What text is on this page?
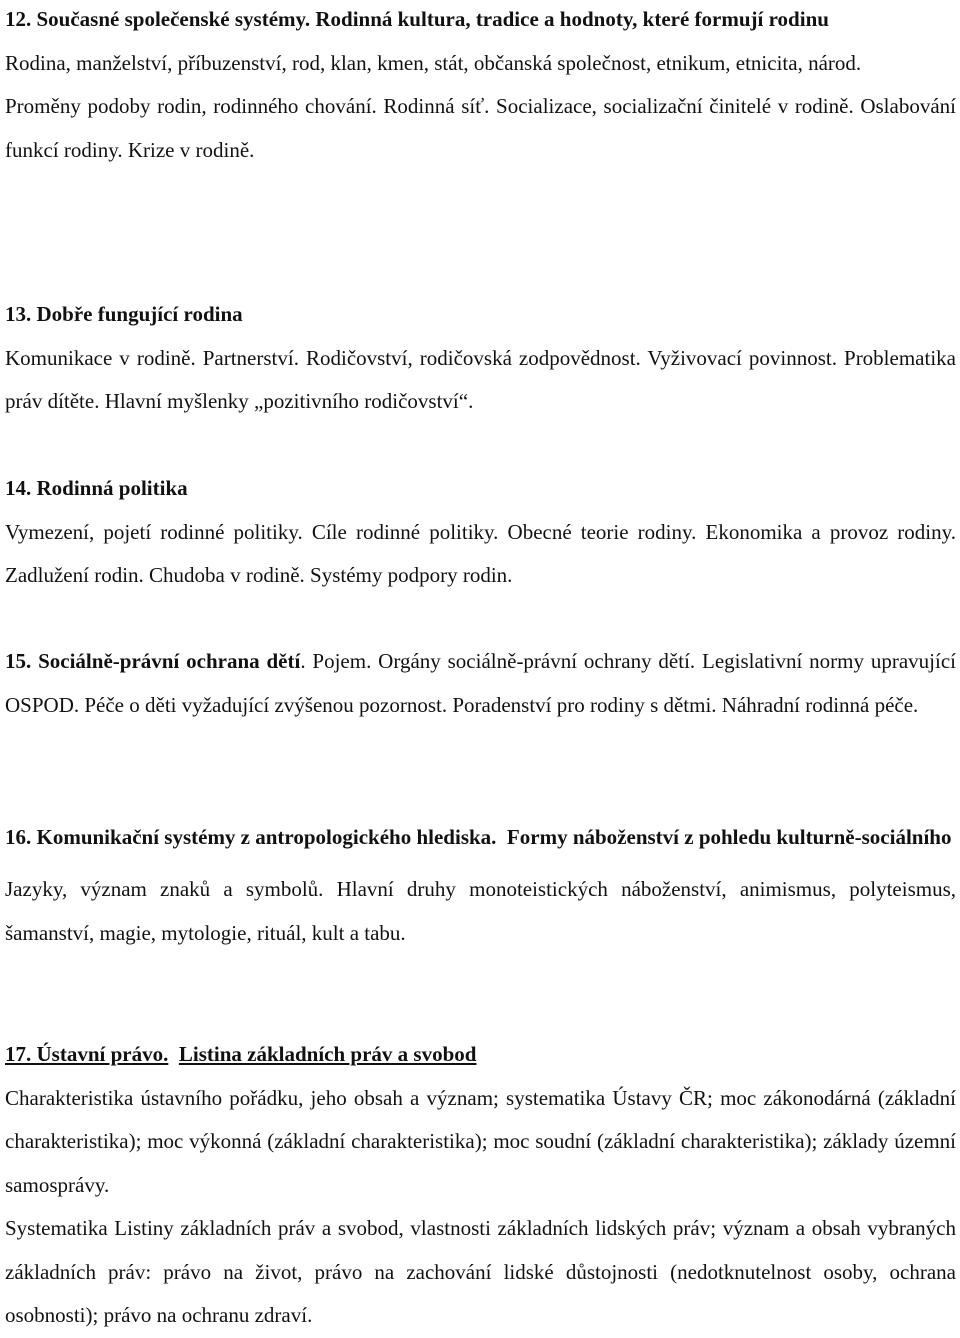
12. Současné společenské systémy. Rodinná kultura, tradice a hodnoty, které formují rodinu

Rodina, manželství, příbuzenství, rod, klan, kmen, stát, občanská společnost, etnikum, etnicita, národ.

Proměny podoby rodin, rodinného chování. Rodinná síť. Socializace, socializační činitelé v rodině. Oslabování funkcí rodiny. Krize v rodině.

13. Dobře fungující rodina

Komunikace v rodině. Partnerství. Rodičovství, rodičovská zodpovědnost. Vyživovací povinnost. Problematika práv dítěte. Hlavní myšlenky „pozitivního rodičovství“.

14. Rodinná politika

Vymezení, pojetí rodinné politiky. Cíle rodinné politiky. Obecné teorie rodiny. Ekonomika a provoz rodiny. Zadlužení rodin. Chudoba v rodině. Systémy podpory rodin.

15. Sociálně-právní ochrana dětí. Pojem. Orgány sociálně-právní ochrany dětí. Legislativní normy upravující OSPOD. Péče o děti vyžadující zvýšenou pozornost. Poradenství pro rodiny s dětmi. Náhradní rodinná péče.

16. Komunikační systémy z antropologického hlediska. Formy náboženství z pohledu kulturně-sociálního

Jazyky, význam znaků a symbolů. Hlavní druhy monoteistických náboženství, animismus, polyteismus, šamanství, magie, mytologie, rituál, kult a tabu.

17. Ústavní právo. Listina základních práv a svobod

Charakteristika ústavního pořádku, jeho obsah a význam; systematika Ústavy ČR; moc zákonodárná (základní charakteristika); moc výkonná (základní charakteristika); moc soudní (základní charakteristika); základy územní samosprávy.

Systematika Listiny základních práv a svobod, vlastnosti základních lidských práv; význam a obsah vybraných základních práv: právo na život, právo na zachování lidské důstojnosti (nedotknutelnost osoby, ochrana osobnosti); právo na ochranu zdraví.
